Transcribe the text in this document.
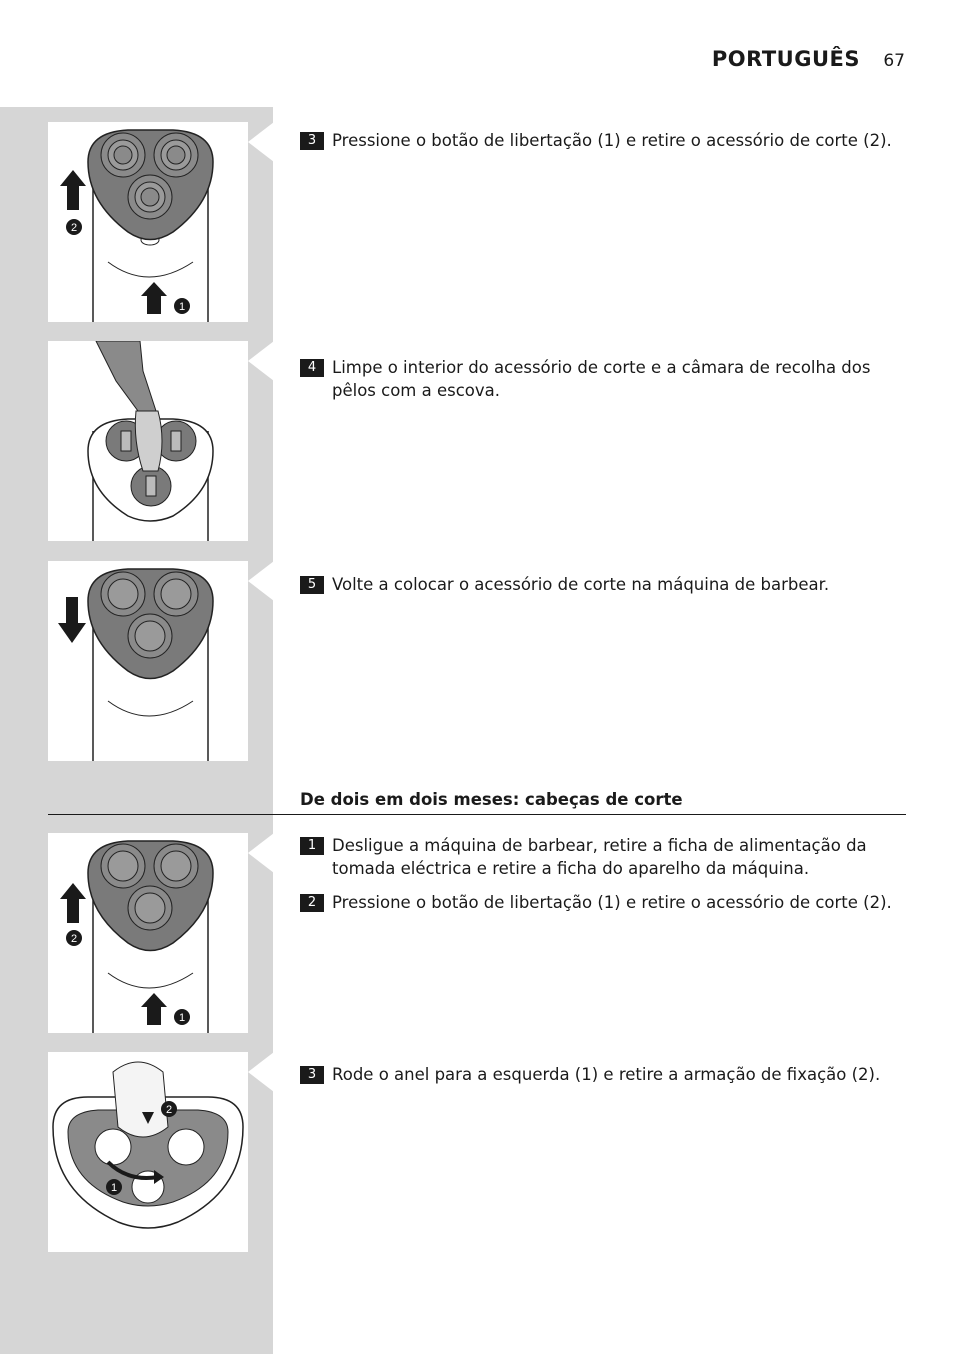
PORTUGUÊS 67
2
1
2
1
2
1
3 Pressione o botão de libertação (1) e retire o acessório de corte (2).
4 Limpe o interior do acessório de corte e a câmara de recolha dos pêlos com a escova.
5 Volte a colocar o acessório de corte na máquina de barbear.
De dois em dois meses: cabeças de corte
1 Desligue a máquina de barbear, retire a ficha de alimentação da tomada eléctrica e retire a ficha do aparelho da máquina.
2 Pressione o botão de libertação (1) e retire o acessório de corte (2).
3 Rode o anel para a esquerda (1) e retire a armação de fixação (2).
